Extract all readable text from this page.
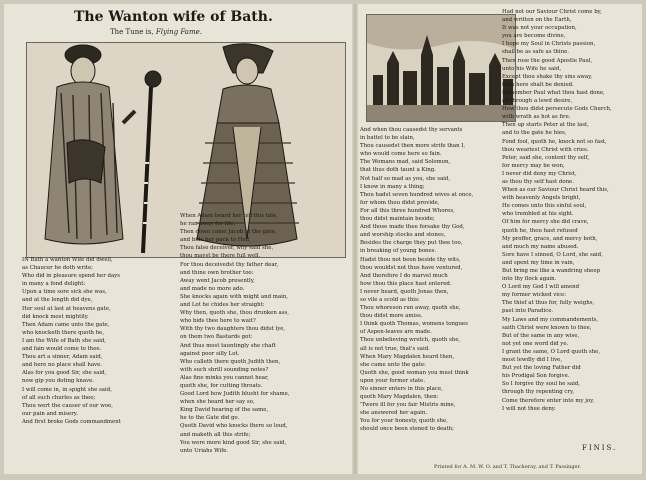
The Wanton wife of Bath.
The Tune is, Flying Fame.
IN Bath a wanton Wife did dwell,
as Chaucer he doth write;
Who did in pleasure spend her days
in many a fond delight:
Upon a time sore sick she was,
and at the length did dye,
Her soul at last at heavens gate,
did knock most mightily.
Then Adam came unto the gate,
who knocketh there quoth he,
I am the Wife of Bath she said,
and fain would come to thee.
Thou art a sinner, Adam said,
and here no place shall have.
Alas for you good Sir, she said,
now gip you doting knave.
I will come in, in spight she said,
of all such churles as thee;
Thou wert the causer of our woe,
our pain and misery.
And first broke Gods commandment
When Adam heard her tell this tale,
he ran away for life;
Then down came Jacob at the gate,
and bids her pack to Hell,
Thou false deceiver, why said she,
thou mayst be there full well.
For thou deceivedst thy father dear,
and thine own brother too:
Away went Jacob presently,
and made no more ado.
She knocks again with might and main,
and Lot he chides her straight:
Why then, quoth she, thou drunken ass,
who bids thee here to wait?
With thy two daughters thou didst lye,
on them two Bastards got:
And thus most tauntingly she chaft
against poor silly Lot.
Who calleth there quoth Judith then,
with such shrill sounding notes?
Alas fine minks you cannot hear,
quoth she, for cutting throats.
Good Lord how Judith blusht for shame,
when she heard her say so,
King David hearing of the same,
he to the Gate did go.
Quoth David who knocks there so loud,
and maketh all this strife;
You were more kind good Sir, she said,
unto Uriahs Wife.
And when thou causedst thy servants
in battel to be slain,
Thou causedst then more strife than I,
who would come here so fain.
The Womans mad, said Solomon,
that thus doth taunt a King.
Not half so mad as you, she said,
I know in many a thing;
Thou hadst seven hundred wives at once,
for whom thou didst provide,
For all this three hundred Whores,
thou didst maintain beside;
And those made thee forsake thy God,
and worship stocks and stones,
Besides the charge they put thee too,
in breaking of young bones.
Hadst thou not been beside thy wits,
thou wouldst not thus have ventured,
And therefore I do marvel much
how thou this place hast entered.
I never heard, quoth Jonas then,
so vile a scold as this:
Thou whoreson run away, quoth she,
thou didst more amiss.
I think quoth Thomas, womens tongues
of Aspen-leaves are made.
Thou unbelieving wretch, quoth she,
all is not true, that's said.
When Mary Magdalen heard then,
she came unto the gate:
Quoth she, good woman you must think
upon your former state.
No sinner enters in this place,
quoth Mary Magdalen, then:
'Twere ill for you fair Mistris mine,
she answered her again.
You for your honesty, quoth she,
should once been stoned to death;
Had not our Saviour Christ come by,
and written on the Earth,
It was not your occupation,
you are become divine,
I hope my Soul in Christs passion,
shall be as safe as thine.
Then rose the good Apostle Paul,
unto his Wife he said,
Except thou shake thy sins away,
thou here shalt be denied.
Remember Paul what thou hast done,
all through a lewd desire,
How thou didst persecute Gods Church,
with wrath as hot as fire.
Then up starts Peter at the last,
and to the gate he hies,
Fond fool, quoth he, knock not so fast,
thou weariest Christ with cries.
Peter, said she, content thy self,
for mercy may be won,
I never did deny my Christ,
as thou thy self hast done.
When as our Saviour Christ heard this,
with heavenly Angels bright,
He comes unto this sinful soul,
who trembled at his sight.
Of him for mercy she did crave,
quoth he, thou hast refused
My proffer, grace, and mercy both,
and much my name abused.
Sore have I sinned, O Lord, she said,
and spent my time in vain,
But bring me like a wandring sheep
into thy flock again.
O Lord my God I will amend
my former wicked vice:
The thief at thus for, fully weighs,
past into Paradice.
My Laws and my commandements,
saith Christ were known to thee,
But of the same in any wise,
not yet one word did ye.
I grant the same, O Lord quoth she,
most lewdly did I live,
But yet the loving Father did
his Prodigal Son forgive.
So I forgive thy soul he said,
through thy repenting cry,
Come therefore enter into my joy,
I will not thee deny.
FINIS.
Printed for A. M. W. O. and T. Thackeray, and T. Passinger.
